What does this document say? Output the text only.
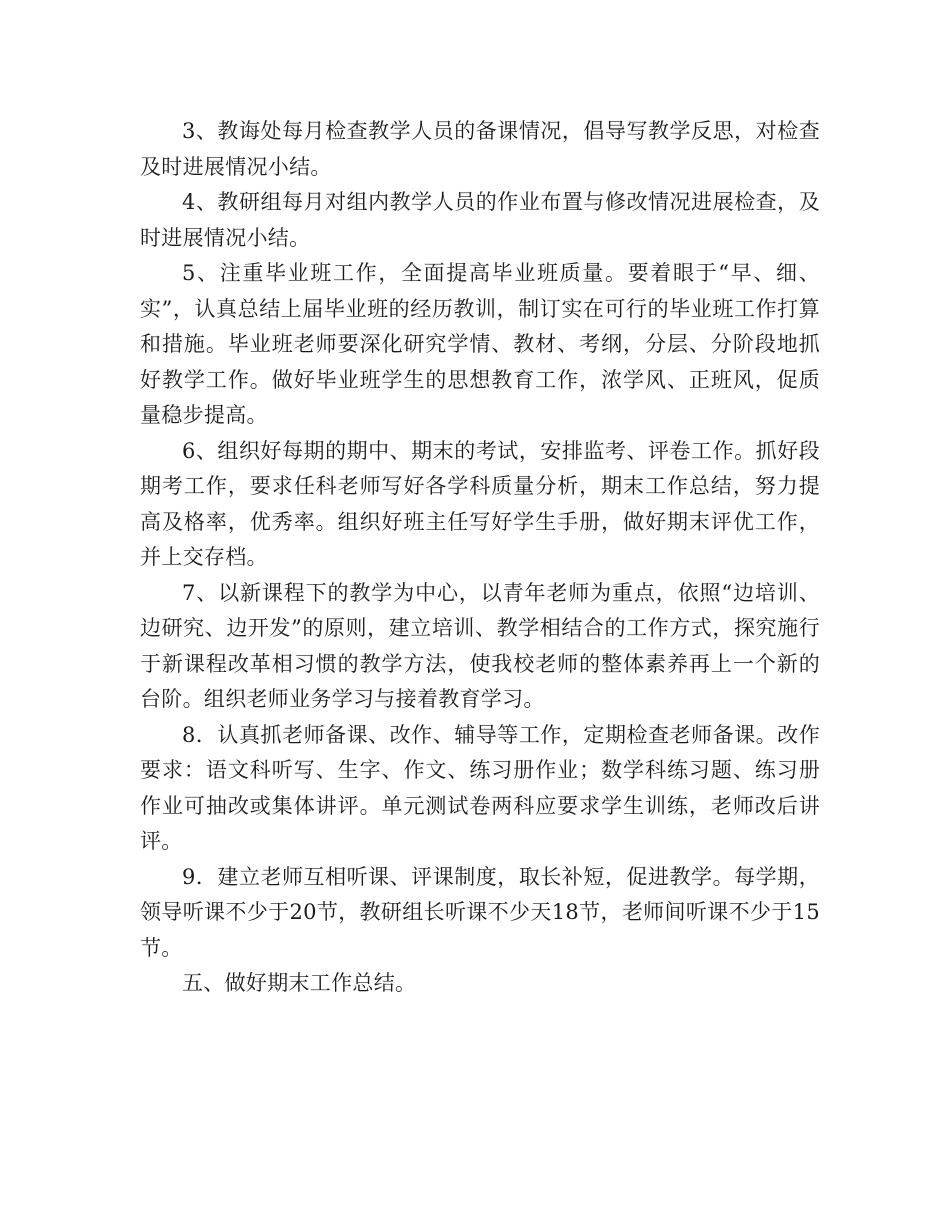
3、教诲处每月检查教学人员的备课情况，倡导写教学反思，对检查及时进展情况小结。

4、教研组每月对组内教学人员的作业布置与修改情况进展检查，及时进展情况小结。

5、注重毕业班工作，全面提高毕业班质量。要着眼于“早、细、实”，认真总结上届毕业班的经历教训，制订实在可行的毕业班工作打算和措施。毕业班老师要深化研究学情、教材、考纲，分层、分阶段地抓好教学工作。做好毕业班学生的思想教育工作，浓学风、正班风，促质量稳步提高。

6、组织好每期的期中、期末的考试，安排监考、评卷工作。抓好段期考工作，要求任科老师写好各学科质量分析，期末工作总结，努力提高及格率，优秀率。组织好班主任写好学生手册，做好期末评优工作，并上交存档。

7、以新课程下的教学为中心，以青年老师为重点，依照“边培训、边研究、边开发”的原则，建立培训、教学相结合的工作方式，探究施行于新课程改革相习惯的教学方法，使我校老师的整体素养再上一个新的台阶。组织老师业务学习与接着教育学习。

8．认真抓老师备课、改作、辅导等工作，定期检查老师备课。改作要求：语文科听写、生字、作文、练习册作业；数学科练习题、练习册作业可抽改或集体讲评。单元测试卷两科应要求学生训练，老师改后讲评。

9．建立老师互相听课、评课制度，取长补短，促进教学。每学期，领导听课不少于20节，教研组长听课不少天18节，老师间听课不少于15节。

五、做好期末工作总结。
